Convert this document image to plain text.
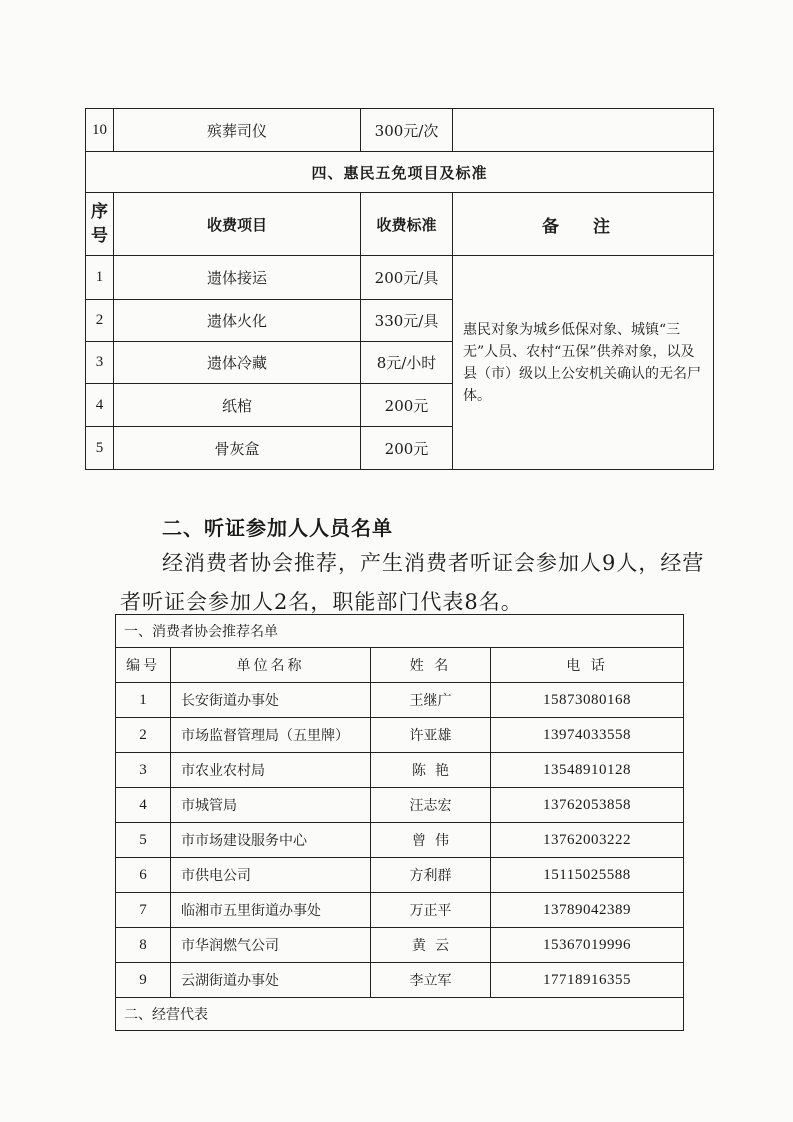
10	殡葬司仪	300元/次	
四、惠民五免项目及标准			

序号	收费项目	收费标准	备 注
1	遗体接运	200元/具	惠民对象为城乡低保对象、城镇“三无”人员、农村“五保”供养对象，以及县（市）级以上公安机关确认的无名尸体。
2	遗体火化	330元/具	
3	遗体冷藏	8元/小时	
4	纸棺	200元	
5	骨灰盒	200元	
二、听证参加人人员名单

经消费者协会推荐，产生消费者听证会参加人9人，经营者听证会参加人2名，职能部门代表8名。

一、消费者协会推荐名单			
编号	单位名称	姓 名	电 话
1	长安街道办事处	王继广	15873080168
2	市场监督管理局（五里牌）	许亚雄	13974033558
3	市农业农村局	陈  艳	13548910128
4	市城管局	汪志宏	13762053858
5	市市场建设服务中心	曾  伟	13762003222
6	市供电公司	方利群	15115025588
7	临湘市五里街道办事处	万正平	13789042389
8	市华润燃气公司	黄  云	15367019996
9	云湖街道办事处	李立军	17718916355
二、经营代表			
